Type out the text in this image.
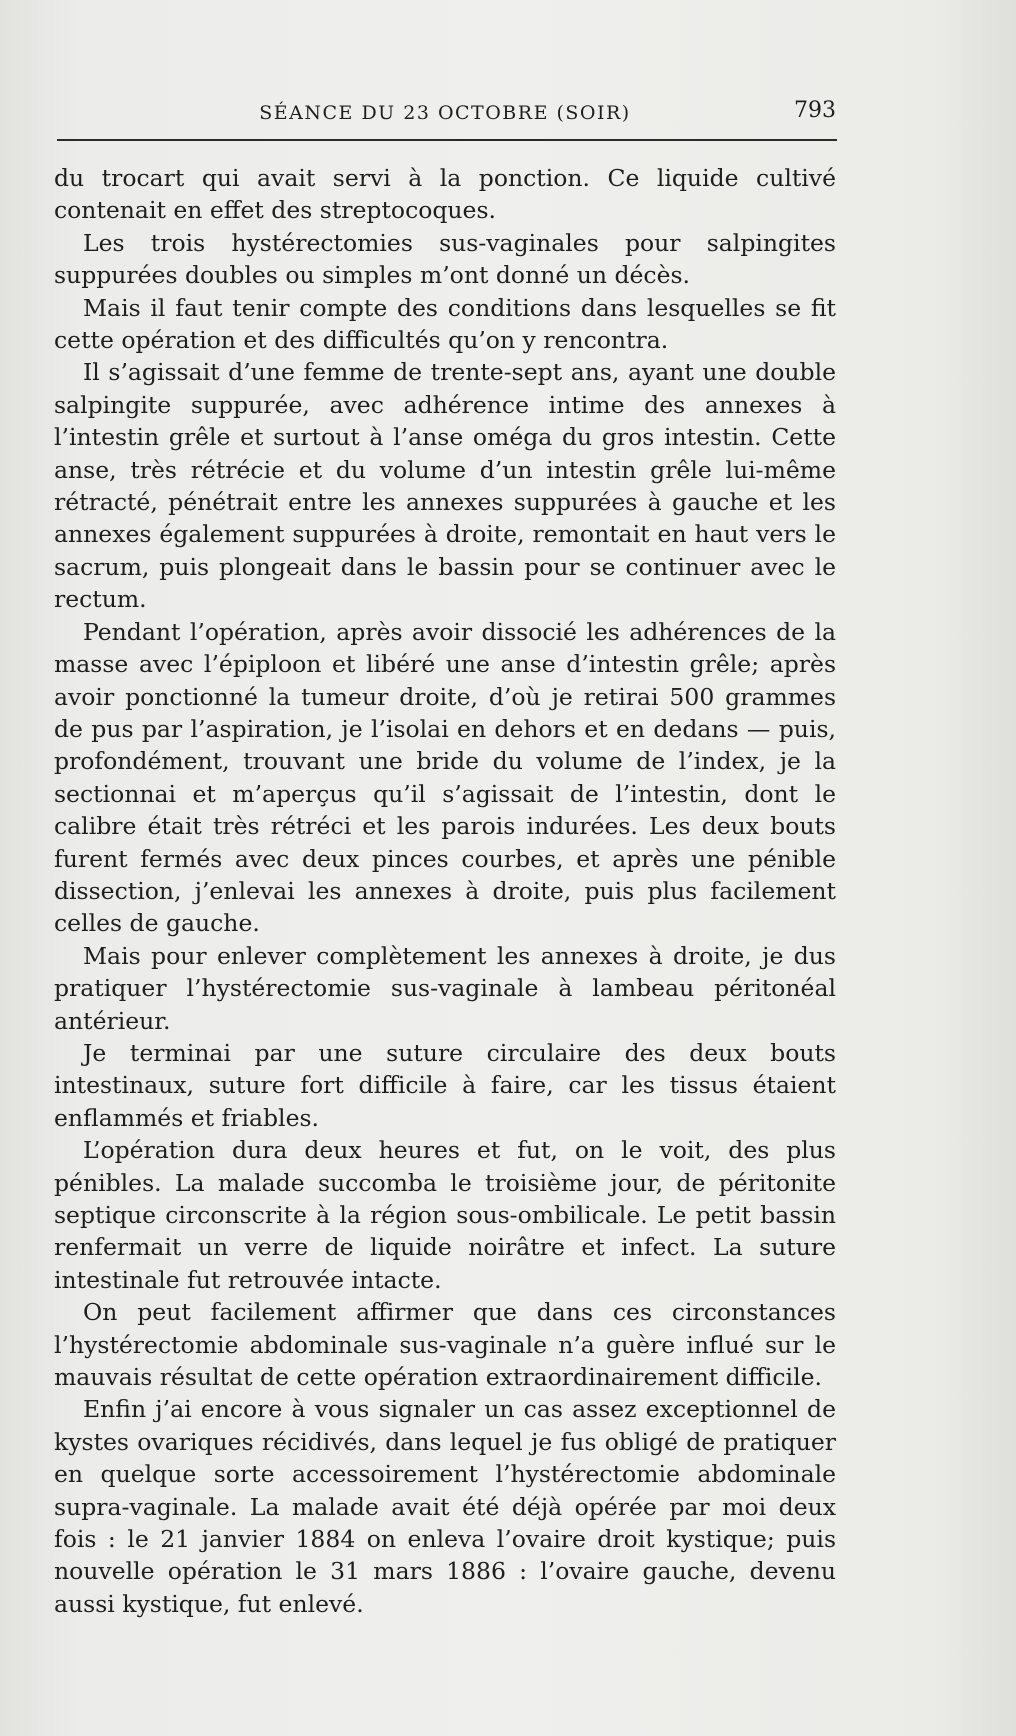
SÉANCE DU 23 OCTOBRE (SOIR)	793

du trocart qui avait servi à la ponction. Ce liquide cultivé contenait en effet des streptocoques.

Les trois hystérectomies sus-vaginales pour salpingites suppurées doubles ou simples m’ont donné un décès.

Mais il faut tenir compte des conditions dans lesquelles se fit cette opération et des difficultés qu’on y rencontra.

Il s’agissait d’une femme de trente-sept ans, ayant une double salpingite suppurée, avec adhérence intime des annexes à l’intestin grêle et surtout à l’anse oméga du gros intestin. Cette anse, très rétrécie et du volume d’un intestin grêle lui-même rétracté, pénétrait entre les annexes suppurées à gauche et les annexes également suppurées à droite, remontait en haut vers le sacrum, puis plongeait dans le bassin pour se continuer avec le rectum.

Pendant l’opération, après avoir dissocié les adhérences de la masse avec l’épiploon et libéré une anse d’intestin grêle; après avoir ponctionné la tumeur droite, d’où je retirai 500 grammes de pus par l’aspiration, je l’isolai en dehors et en dedans — puis, profondément, trouvant une bride du volume de l’index, je la sectionnai et m’aperçus qu’il s’agissait de l’intestin, dont le calibre était très rétréci et les parois indurées. Les deux bouts furent fermés avec deux pinces courbes, et après une pénible dissection, j’enlevai les annexes à droite, puis plus facilement celles de gauche.

Mais pour enlever complètement les annexes à droite, je dus pratiquer l’hystérectomie sus-vaginale à lambeau péritonéal antérieur.

Je terminai par une suture circulaire des deux bouts intestinaux, suture fort difficile à faire, car les tissus étaient enflammés et friables.

L’opération dura deux heures et fut, on le voit, des plus pénibles. La malade succomba le troisième jour, de péritonite septique circonscrite à la région sous-ombilicale. Le petit bassin renfermait un verre de liquide noirâtre et infect. La suture intestinale fut retrouvée intacte.

On peut facilement affirmer que dans ces circonstances l’hystérectomie abdominale sus-vaginale n’a guère influé sur le mauvais résultat de cette opération extraordinairement difficile.

Enfin j’ai encore à vous signaler un cas assez exceptionnel de kystes ovariques récidivés, dans lequel je fus obligé de pratiquer en quelque sorte accessoirement l’hystérectomie abdominale supra-vaginale. La malade avait été déjà opérée par moi deux fois : le 21 janvier 1884 on enleva l’ovaire droit kystique; puis nouvelle opération le 31 mars 1886 : l’ovaire gauche, devenu aussi kystique, fut enlevé.
